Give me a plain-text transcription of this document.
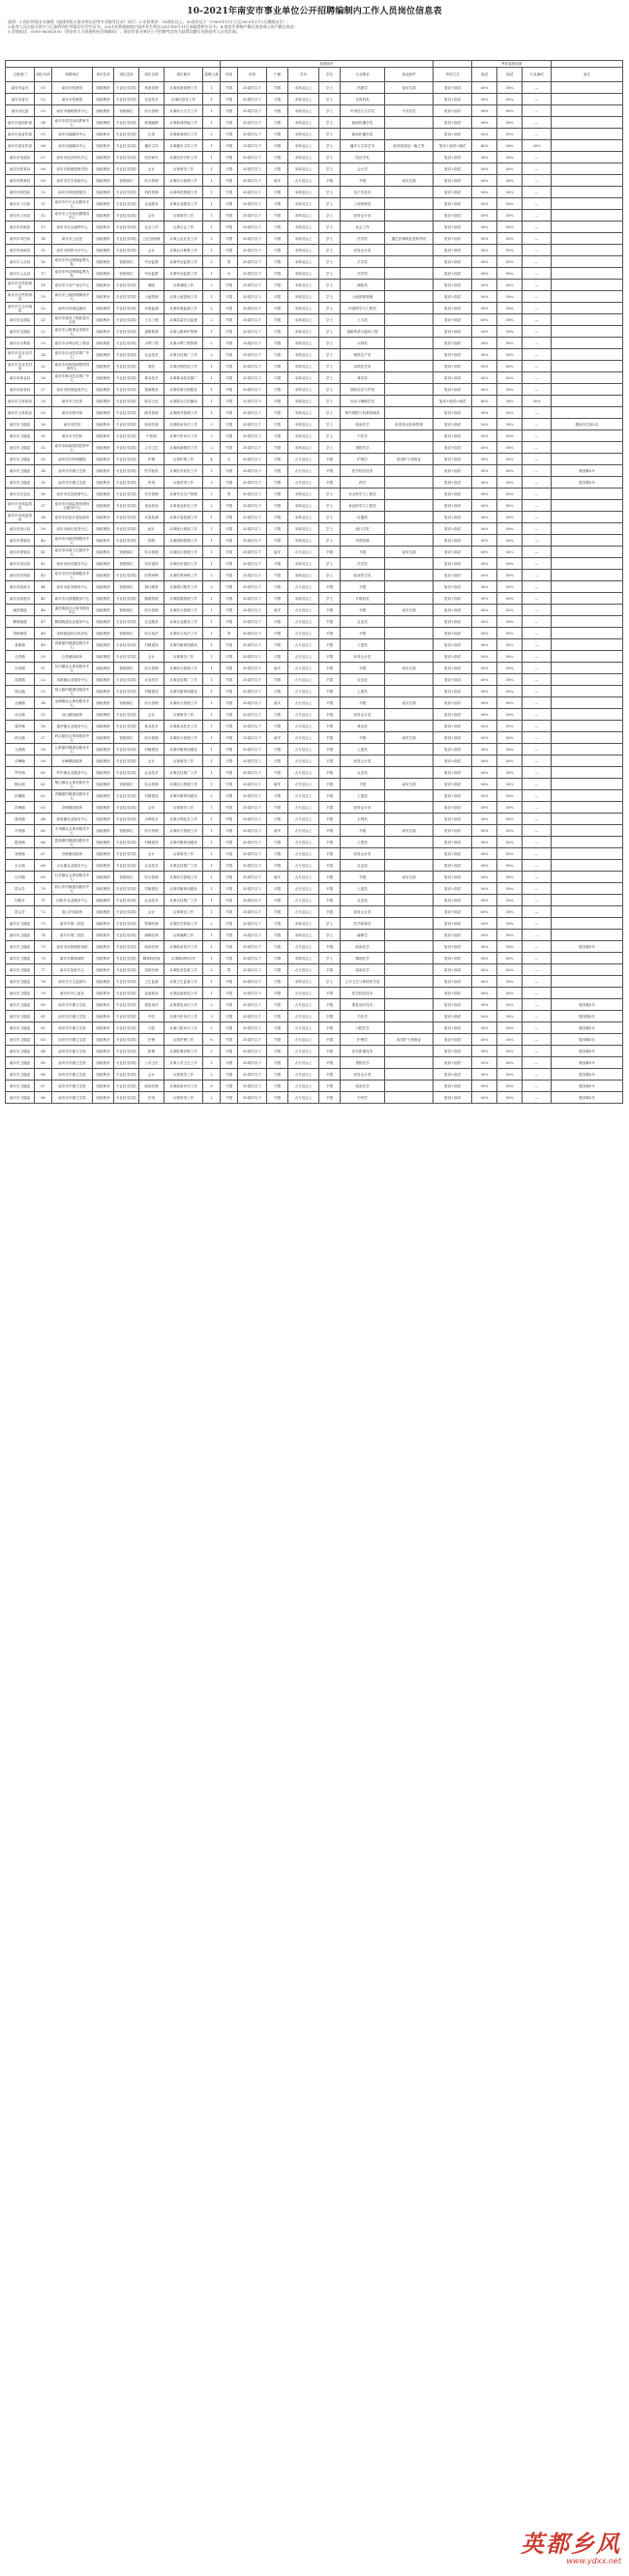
10-2021年南安市事业单位公开招聘编制内工作人员岗位信息表

说明：1.岗位所需专业参照《福建省机关事业单位招考专业指导目录》执行；2.年龄要求：18周岁以上、35周岁以下（1985年1月1日至2003年1月1日期间出生）；

3.报考人员在报名时应当已取得岗位所需学历学位证书，2021年普通高校应届毕业生须在2021年8月31日前取得相应证书；4.南安生源指户籍在南安或父母户籍在南安；

5.咨询电话：0595-86383100（南安市人力资源和社会保障局），南安市事业单位公开招聘考试有关政策问题可向南安市人社局咨询。

								招聘条件								考试成绩权重			
主管部门	岗位代码	招聘单位	单位性质	岗位类别	岗位名称	岗位简介	招聘人数	性别	年龄	户籍	学历	学位	专业要求	其他条件	考试方式	笔试	面试	专业测试	备注
南安市委办	01	南安市档案馆	财政核拨	专业技术岗位	档案管理	从事档案管理工作	1	不限	35周岁以下	不限	本科及以上	学士	档案学	南安生源	笔试+面试	50%	50%	—	
南安市委办	02	南安市档案馆	财政核拨	专业技术岗位	信息技术	从事信息化工作	1	不限	35周岁以下	不限	本科及以上	学士	计算机类		笔试+面试	50%	50%	—	
南安市纪委	03	南安市廉政教育中心	财政核拨	管理岗位	综合管理	从事综合文字工作	1	不限	35周岁以下	不限	本科及以上	学士	中国语言文学类	中共党员	笔试+面试	50%	50%	—	
南安市委组织部	04	南安市党员电化教育中心	财政核拨	专业技术岗位	新闻编辑	从事新闻采编工作	1	不限	35周岁以下	不限	本科及以上	学士	新闻传播学类		笔试+面试	50%	50%	—	
南安市委宣传部	05	南安市融媒体中心	财政核补	专业技术岗位	记者	从事新闻采访工作	2	不限	35周岁以下	不限	本科及以上	学士	新闻传播学类		笔试+面试	50%	50%	—	
南安市委宣传部	06	南安市融媒体中心	财政核补	专业技术岗位	播音主持	从事播音主持工作	1	不限	35周岁以下	不限	本科及以上	学士	播音与主持艺术	取得普通话一级乙等	笔试+面试+测试	40%	30%	30%	
南安市发改局	07	南安市经济研究中心	财政核拨	专业技术岗位	经济研究	从事经济分析工作	1	不限	35周岁以下	不限	本科及以上	学士	经济学类		笔试+面试	50%	50%	—	
南安市教育局	08	南安市教师进修学校	财政核拨	专业技术岗位	会计	从事财务工作	1	不限	35周岁以下	不限	本科及以上	学士	会计学		笔试+面试	50%	50%	—	
南安市教育局	09	南安市学生资助中心	财政核拨	管理岗位	综合管理	从事综合管理工作	1	不限	35周岁以下	南安	大专及以上	不限	不限	南安生源	笔试+面试	50%	50%	—	
南安市科技局	10	南安市科技情报所	财政核拨	专业技术岗位	科技管理	从事科技管理工作	1	不限	35周岁以下	不限	本科及以上	学士	电子信息类		笔试+面试	50%	50%	—	
南安市工信局	11	南安市中小企业服务中心	财政核拨	专业技术岗位	企业服务	从事企业服务工作	1	不限	35周岁以下	不限	本科及以上	学士	工商管理类		笔试+面试	50%	50%	—	
南安市公安局	12	南安市公安局后勤服务中心	财政核拨	专业技术岗位	会计	从事财务工作	1	不限	35周岁以下	不限	本科及以上	学士	财务会计类		笔试+面试	50%	50%	—	
南安市民政局	13	南安市社会福利中心	财政核补	专业技术岗位	社会工作	从事社会工作	1	不限	35周岁以下	不限	本科及以上	学士	社会工作		笔试+面试	50%	50%	—	
南安市司法局	14	南安市公证处	财政核拨	专业技术岗位	公证员助理	从事公证业务工作	2	不限	35周岁以下	不限	本科及以上	学士	法学类	通过法律职业资格考试	笔试+面试	50%	50%	—	
南安市财政局	15	南安市国库支付中心	财政核拨	专业技术岗位	会计	从事会计核算工作	1	不限	35周岁以下	不限	本科及以上	学士	财务会计类		笔试+面试	50%	50%	—	
南安市人社局	16	南安市劳动保障监察大队	财政核拨	管理岗位	劳动监察	从事劳动监察工作	2	男	35周岁以下	不限	本科及以上	学士	法学类		笔试+面试	50%	50%	—	
南安市人社局	17	南安市劳动保障监察大队	财政核拨	管理岗位	劳动监察	从事劳动监察工作	1	女	35周岁以下	不限	本科及以上	学士	法学类		笔试+面试	50%	50%	—	
南安市自然资源局	18	南安市不动产登记中心	财政核补	专业技术岗位	测绘	从事测绘工作	2	不限	35周岁以下	不限	本科及以上	学士	测绘类		笔试+面试	50%	50%	—	
南安市自然资源局	19	南安市土地收购储备中心	财政核补	专业技术岗位	土地管理	从事土地管理工作	1	不限	35周岁以下	不限	本科及以上	学士	土地资源管理		笔试+面试	50%	50%	—	
南安市生态环境局	20	南安市环境监测站	财政核拨	专业技术岗位	环境监测	从事环境监测工作	2	不限	35周岁以下	不限	本科及以上	学士	环境科学与工程类		笔试+面试	50%	50%	—	
南安市住建局	21	南安市建设工程质量安全站	财政核补	专业技术岗位	土木工程	从事质量安全监督	2	不限	35周岁以下	不限	本科及以上	学士	土木类		笔试+面试	50%	50%	—	
南安市交通局	22	南安市公路事业发展中心	财政核补	专业技术岗位	道路桥梁	从事公路养护管理	1	不限	35周岁以下	不限	本科及以上	学士	道路桥梁与渡河工程		笔试+面试	50%	50%	—	
南安市水利局	23	南安市水利水电工程站	财政核拨	专业技术岗位	水利工程	从事水利工程管理	2	不限	35周岁以下	不限	本科及以上	学士	水利类		笔试+面试	50%	50%	—	
南安市农业农村局	24	南安市农业技术推广中心	财政核拨	专业技术岗位	农业技术	从事农技推广工作	2	不限	35周岁以下	不限	本科及以上	学士	植物生产类		笔试+面试	50%	50%	—	
南安市农业农村局	25	南安市动物疫病预防控制中心	财政核拨	专业技术岗位	兽医	从事动物防疫工作	1	不限	35周岁以下	不限	本科及以上	学士	动物医学类		笔试+面试	50%	50%	—	
南安市林业局	26	南安市林业技术推广中心	财政核拨	专业技术岗位	林业技术	从事林业技术推广	1	不限	35周岁以下	不限	本科及以上	学士	林学类		笔试+面试	50%	50%	—	
南安市商务局	27	南安市投资促进中心	财政核拨	专业技术岗位	招商服务	从事招商引资服务	1	不限	35周岁以下	不限	本科及以上	学士	国际经济与贸易		笔试+面试	50%	50%	—	
南安市文体旅局	28	南安市文化馆	财政核拨	专业技术岗位	群众文化	从事群众文化辅导	1	不限	35周岁以下	不限	本科及以上	学士	音乐与舞蹈学类		笔试+面试+测试	40%	30%	30%	
南安市文体旅局	29	南安市图书馆	财政核拨	专业技术岗位	图书管理	从事图书管理工作	1	不限	35周岁以下	不限	本科及以上	学士	图书情报与档案管理类		笔试+面试	50%	50%	—	
南安市卫健委	30	南安市医院	财政核补	专业技术岗位	临床医师	从事临床诊疗工作	5	不限	35周岁以下	不限	本科及以上	学士	临床医学	取得执业医师资格	笔试+面试	50%	50%	—	限南安生源2名
南安市卫健委	31	南安市中医院	财政核补	专业技术岗位	中医师	从事中医诊疗工作	3	不限	35周岁以下	不限	本科及以上	学士	中医学		笔试+面试	50%	50%	—	
南安市卫健委	32	南安市疾病预防控制中心	财政核拨	专业技术岗位	公共卫生	从事疾病预防工作	2	不限	35周岁以下	不限	本科及以上	学士	预防医学		笔试+面试	50%	50%	—	
南安市卫健委	33	南安市妇幼保健院	财政核补	专业技术岗位	护理	从事护理工作	4	女	35周岁以下	不限	大专及以上	不限	护理学	取得护士资格证	笔试+面试	50%	50%	—	
南安市卫健委	34	南安市乡镇卫生院	财政核补	专业技术岗位	医学检验	从事医学检验工作	3	不限	35周岁以下	不限	大专及以上	不限	医学检验技术		笔试+面试	50%	50%	—	服务期5年
南安市卫健委	35	南安市乡镇卫生院	财政核补	专业技术岗位	药剂	从事药剂工作	3	不限	35周岁以下	不限	大专及以上	不限	药学		笔试+面试	50%	50%	—	服务期5年
南安市应急局	36	南安市应急救援中心	财政核拨	专业技术岗位	安全管理	从事安全生产管理	2	男	35周岁以下	不限	本科及以上	学士	安全科学与工程类		笔试+面试	50%	50%	—	
南安市市场监管局	37	南安市市场监督管理综合服务中心	财政核拨	专业技术岗位	食品检验	从事食品检验工作	2	不限	35周岁以下	不限	本科及以上	学士	食品科学与工程类		笔试+面试	50%	50%	—	
南安市市场监管局	38	南安市质量计量检测所	财政核补	专业技术岗位	计量检测	从事计量检测工作	1	不限	35周岁以下	不限	本科及以上	学士	仪器类		笔试+面试	50%	50%	—	
南安市统计局	39	南安市统计普查中心	财政核拨	专业技术岗位	统计	从事统计调查工作	1	不限	35周岁以下	不限	本科及以上	学士	统计学类		笔试+面试	50%	50%	—	
南安市城管局	40	南安市市政园林服务中心	财政核补	专业技术岗位	园林	从事园林管理工作	1	不限	35周岁以下	不限	本科及以上	学士	风景园林		笔试+面试	50%	50%	—	
南安市城管局	41	南安市环境卫生服务中心	财政核补	管理岗位	综合管理	从事综合管理工作	1	不限	35周岁以下	南安	大专及以上	不限	不限	南安生源	笔试+面试	50%	50%	—	
南安市信访局	42	南安市信访服务中心	财政核拨	管理岗位	信访接待	从事信访接待工作	1	不限	35周岁以下	不限	本科及以上	学士	法学类		笔试+面试	50%	50%	—	
南安市医保局	43	南安市医疗保障服务中心	财政核拨	专业技术岗位	医保审核	从事医保审核工作	2	不限	35周岁以下	不限	本科及以上	学士	临床医学类		笔试+面试	50%	50%	—	
南安市政府办	44	南安市政务服务中心	财政核拨	管理岗位	窗口服务	从事窗口服务工作	2	不限	35周岁以下	不限	大专及以上	不限	不限		笔试+面试	50%	50%	—	
南安市政府办	45	南安市大数据服务中心	财政核拨	专业技术岗位	数据管理	从事数据管理工作	1	不限	35周岁以下	不限	本科及以上	学士	计算机类		笔试+面试	50%	50%	—	
溪美街道	46	溪美街道社会事务服务中心	财政核拨	管理岗位	综合管理	从事综合管理工作	1	不限	35周岁以下	南安	大专及以上	不限	不限	南安生源	笔试+面试	50%	50%	—	
柳城街道	47	柳城街道农业服务中心	财政核拨	专业技术岗位	农业服务	从事农业服务工作	1	不限	35周岁以下	不限	大专及以上	不限	农业类		笔试+面试	50%	50%	—	
美林街道	48	美林街道综合执法队	财政核拨	管理岗位	综合执法	从事综合执法工作	1	男	35周岁以下	不限	大专及以上	不限	不限		笔试+面试	50%	50%	—	
省新镇	49	省新镇村镇建设服务中心	财政核拨	专业技术岗位	村镇建设	从事村镇规划建设	1	不限	35周岁以下	不限	大专及以上	不限	土建类		笔试+面试	50%	50%	—	
仑苍镇	50	仑苍镇财政所	财政核拨	专业技术岗位	会计	从事财务工作	1	不限	35周岁以下	不限	大专及以上	不限	财务会计类		笔试+面试	50%	50%	—	
东田镇	51	东田镇社会事务服务中心	财政核拨	管理岗位	综合管理	从事综合管理工作	1	不限	35周岁以下	南安	大专及以上	不限	不限	南安生源	笔试+面试	50%	50%	—	
英都镇	52	英都镇农业服务中心	财政核拨	专业技术岗位	农业技术	从事农技推广工作	1	不限	35周岁以下	不限	大专及以上	不限	农业类		笔试+面试	50%	50%	—	
翔云镇	53	翔云镇村镇建设服务中心	财政核拨	专业技术岗位	村镇建设	从事村镇规划建设	1	不限	35周岁以下	不限	大专及以上	不限	土建类		笔试+面试	50%	50%	—	
金淘镇	54	金淘镇社会事务服务中心	财政核拨	管理岗位	综合管理	从事综合管理工作	1	不限	35周岁以下	南安	大专及以上	不限	不限	南安生源	笔试+面试	50%	50%	—	
诗山镇	55	诗山镇财政所	财政核拨	专业技术岗位	会计	从事财务工作	1	不限	35周岁以下	不限	大专及以上	不限	财务会计类		笔试+面试	50%	50%	—	
蓬华镇	56	蓬华镇农业服务中心	财政核拨	专业技术岗位	林业技术	从事林业技术工作	1	不限	35周岁以下	不限	大专及以上	不限	林业类		笔试+面试	50%	50%	—	
码头镇	57	码头镇社会事务服务中心	财政核拨	管理岗位	综合管理	从事综合管理工作	1	不限	35周岁以下	南安	大专及以上	不限	不限	南安生源	笔试+面试	50%	50%	—	
九都镇	58	九都镇村镇建设服务中心	财政核拨	专业技术岗位	村镇建设	从事村镇规划建设	1	不限	35周岁以下	不限	大专及以上	不限	土建类		笔试+面试	50%	50%	—	
乐峰镇	59	乐峰镇财政所	财政核拨	专业技术岗位	会计	从事财务工作	1	不限	35周岁以下	不限	大专及以上	不限	财务会计类		笔试+面试	50%	50%	—	
罗东镇	60	罗东镇农业服务中心	财政核拨	专业技术岗位	农业技术	从事农技推广工作	1	不限	35周岁以下	不限	大专及以上	不限	农业类		笔试+面试	50%	50%	—	
梅山镇	61	梅山镇社会事务服务中心	财政核拨	管理岗位	综合管理	从事综合管理工作	1	不限	35周岁以下	南安	大专及以上	不限	不限	南安生源	笔试+面试	50%	50%	—	
洪濑镇	62	洪濑镇村镇建设服务中心	财政核拨	专业技术岗位	村镇建设	从事村镇规划建设	2	不限	35周岁以下	不限	大专及以上	不限	土建类		笔试+面试	50%	50%	—	
洪梅镇	63	洪梅镇财政所	财政核拨	专业技术岗位	会计	从事财务工作	1	不限	35周岁以下	不限	大专及以上	不限	财务会计类		笔试+面试	50%	50%	—	
康美镇	64	康美镇农业服务中心	财政核拨	专业技术岗位	水利技术	从事水利技术工作	1	不限	35周岁以下	不限	大专及以上	不限	水利类		笔试+面试	50%	50%	—	
丰州镇	65	丰州镇社会事务服务中心	财政核拨	管理岗位	综合管理	从事综合管理工作	1	不限	35周岁以下	南安	大专及以上	不限	不限	南安生源	笔试+面试	50%	50%	—	
霞美镇	66	霞美镇村镇建设服务中心	财政核拨	专业技术岗位	村镇建设	从事村镇规划建设	1	不限	35周岁以下	不限	大专及以上	不限	土建类		笔试+面试	50%	50%	—	
官桥镇	67	官桥镇财政所	财政核拨	专业技术岗位	会计	从事财务工作	1	不限	35周岁以下	不限	大专及以上	不限	财务会计类		笔试+面试	50%	50%	—	
水头镇	68	水头镇农业服务中心	财政核拨	专业技术岗位	农业技术	从事农技推广工作	1	不限	35周岁以下	不限	大专及以上	不限	农业类		笔试+面试	50%	50%	—	
石井镇	69	石井镇社会事务服务中心	财政核拨	管理岗位	综合管理	从事综合管理工作	1	不限	35周岁以下	南安	大专及以上	不限	不限	南安生源	笔试+面试	50%	50%	—	
眉山乡	70	眉山乡村镇建设服务中心	财政核拨	专业技术岗位	村镇建设	从事村镇规划建设	1	不限	35周岁以下	不限	大专及以上	不限	土建类		笔试+面试	50%	50%	—	
向阳乡	71	向阳乡农业服务中心	财政核拨	专业技术岗位	农业技术	从事农技推广工作	1	不限	35周岁以下	不限	大专及以上	不限	农业类		笔试+面试	50%	50%	—	
眉山乡	72	眉山乡财政所	财政核拨	专业技术岗位	会计	从事财务工作	1	不限	35周岁以下	不限	大专及以上	不限	财务会计类		笔试+面试	50%	50%	—	
南安市卫健委	73	南安市第二医院	财政核补	专业技术岗位	影像医师	从事医学影像工作	2	不限	35周岁以下	不限	本科及以上	学士	医学影像学		笔试+面试	50%	50%	—	
南安市卫健委	74	南安市第三医院	财政核补	专业技术岗位	麻醉医师	从事麻醉工作	1	不限	35周岁以下	不限	本科及以上	学士	麻醉学		笔试+面试	50%	50%	—	
南安市卫健委	75	南安市皮肤病防治院	财政核补	专业技术岗位	临床医师	从事临床诊疗工作	1	不限	35周岁以下	不限	大专及以上	不限	临床医学		笔试+面试	50%	50%	—	服务期5年
南安市卫健委	76	南安市精神病院	财政核补	专业技术岗位	精神科医师	从事精神科诊疗	1	不限	35周岁以下	不限	本科及以上	学士	精神医学		笔试+面试	50%	50%	—	
南安市卫健委	77	南安市急救中心	财政核补	专业技术岗位	急救医师	从事院前急救工作	2	男	35周岁以下	不限	大专及以上	不限	临床医学		笔试+面试	50%	50%	—	
南安市卫健委	78	南安市卫生监督所	财政核拨	专业技术岗位	卫生监督	从事卫生监督工作	1	不限	35周岁以下	不限	本科及以上	学士	公共卫生与预防医学类		笔试+面试	50%	50%	—	
南安市卫健委	79	南安市中心血站	财政核补	专业技术岗位	血液检验	从事血液检验工作	1	不限	35周岁以下	不限	大专及以上	不限	医学检验技术		笔试+面试	50%	50%	—	
南安市卫健委	80	南安市乡镇卫生院	财政核补	专业技术岗位	康复治疗	从事康复治疗工作	2	不限	35周岁以下	不限	大专及以上	不限	康复治疗技术		笔试+面试	50%	50%	—	服务期5年
南安市卫健委	81	南安市乡镇卫生院	财政核补	专业技术岗位	中医	从事中医诊疗工作	3	不限	35周岁以下	不限	大专及以上	不限	中医学		笔试+面试	50%	50%	—	服务期5年
南安市卫健委	82	南安市乡镇卫生院	财政核补	专业技术岗位	口腔	从事口腔诊疗工作	2	不限	35周岁以下	不限	大专及以上	不限	口腔医学		笔试+面试	50%	50%	—	服务期5年
南安市卫健委	83	南安市乡镇卫生院	财政核补	专业技术岗位	护理	从事护理工作	6	不限	35周岁以下	不限	大专及以上	不限	护理学	取得护士资格证	笔试+面试	50%	50%	—	服务期5年
南安市卫健委	84	南安市乡镇卫生院	财政核补	专业技术岗位	影像	从事影像诊断工作	2	不限	35周岁以下	不限	大专及以上	不限	医学影像技术		笔试+面试	50%	50%	—	服务期5年
南安市卫健委	85	南安市乡镇卫生院	财政核补	专业技术岗位	公共卫生	从事公共卫生工作	3	不限	35周岁以下	不限	大专及以上	不限	预防医学		笔试+面试	50%	50%	—	服务期5年
南安市卫健委	86	南安市乡镇卫生院	财政核补	专业技术岗位	会计	从事财务工作	2	不限	35周岁以下	不限	大专及以上	不限	财务会计类		笔试+面试	50%	50%	—	服务期5年
南安市卫健委	87	南安市乡镇卫生院	财政核补	专业技术岗位	临床医师	从事临床诊疗工作	6	不限	35周岁以下	不限	大专及以上	不限	临床医学		笔试+面试	50%	50%	—	服务期5年
南安市卫健委	88	南安市乡镇卫生院	财政核补	专业技术岗位	药剂	从事药剂工作	2	不限	35周岁以下	不限	大专及以上	不限	中药学		笔试+面试	50%	50%	—	服务期5年
英都乡风
www.ydxx.net
